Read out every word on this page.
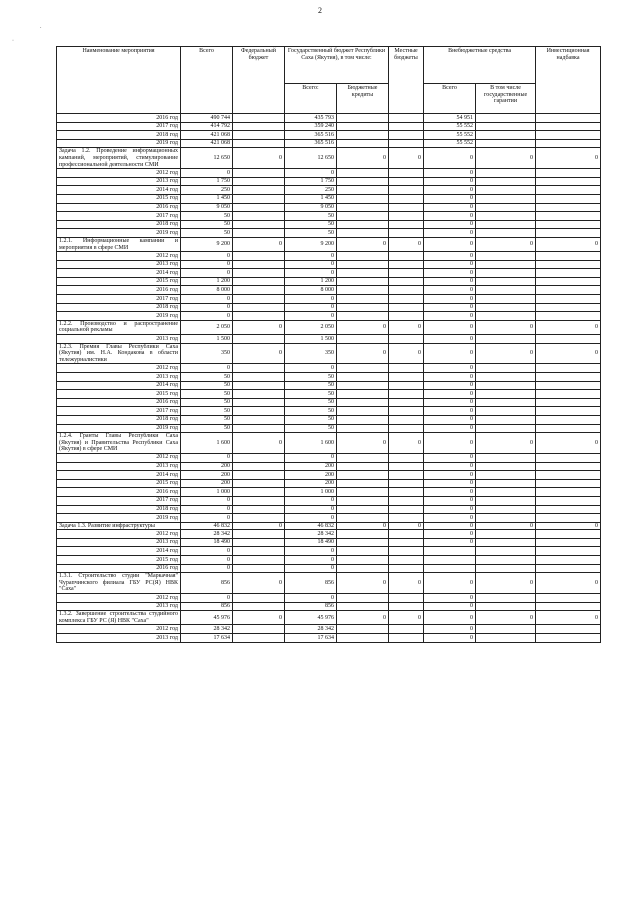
2
·
.
Наименование мероприятия	Всего	Федеральный бюджет	Государственный бюджет Республики Саха (Якутия), в том числе:		Местные бюджеты	Внебюджетные средства		Инвестиционная надбавка
			Всего:	Бюджетные кредиты		Всего	В том числе государственные гарантии	
2016 год	490 744		435 793			54 951		
2017 год	414 792		359 240			55 552		
2018 год	421 068		365 516			55 552		
2019 год	421 068		365 516			55 552		
Задача 1.2. Проведение информационных кампаний, мероприятий, стимулирование профессиональной деятельности СМИ	12 650	0	12 650	0	0	0	0	0
2012 год	0		0			0		
2013 год	1 750		1 750			0		
2014 год	250		250			0		
2015 год	1 450		1 450			0		
2016 год	9 050		9 050			0		
2017 год	50		50			0		
2018 год	50		50			0		
2019 год	50		50			0		
1.2.1. Информационные кампании и мероприятия в сфере СМИ	9 200	0	9 200	0	0	0	0	0
2012 год	0		0			0		
2013 год	0		0			0		
2014 год	0		0			0		
2015 год	1 200		1 200			0		
2016 год	8 000		8 000			0		
2017 год	0		0			0		
2018 год	0		0			0		
2019 год	0		0			0		
1.2.2. Производство и распространение социальной рекламы	2 050	0	2 050	0	0	0	0	0
2013 год	1 500		1 500			0		
1.2.3. Премия Главы Республики Саха (Якутия) им. Н.А. Кондакова в области тележурналистики	350	0	350	0	0	0	0	0
2012 год	0		0			0		
2013 год	50		50			0		
2014 год	50		50			0		
2015 год	50		50			0		
2016 год	50		50			0		
2017 год	50		50			0		
2018 год	50		50			0		
2019 год	50		50			0		
1.2.4. Гранты Главы Республики Саха (Якутия) и Правительства Республики Саха (Якутия) в сфере СМИ	1 600	0	1 600	0	0	0	0	0
2012 год	0		0			0		
2013 год	200		200			0		
2014 год	200		200			0		
2015 год	200		200			0		
2016 год	1 000		1 000			0		
2017 год	0		0			0		
2018 год	0		0			0		
2019 год	0		0			0		
Задача 1.3. Развитие инфраструктуры	46 832	0	46 832	0	0	0	0	0
2012 год	28 342		28 342			0		
2013 год	18 490		18 490			0		
2014 год	0		0					
2015 год	0		0					
2016 год	0		0					
1.3.1. Строительство студии "Маркачная" Чурапчинского филиала ГБУ РС(Я) НВК "Саха"	856	0	856	0	0	0	0	0
2012 год	0		0			0		
2013 год	856		856			0		
1.3.2. Завершение строительства студийного комплекса ГБУ РС (Я) НВК "Саха"	45 976	0	45 976	0	0	0	0	0
2012 год	28 342		28 342			0		
2013 год	17 634		17 634			0		
